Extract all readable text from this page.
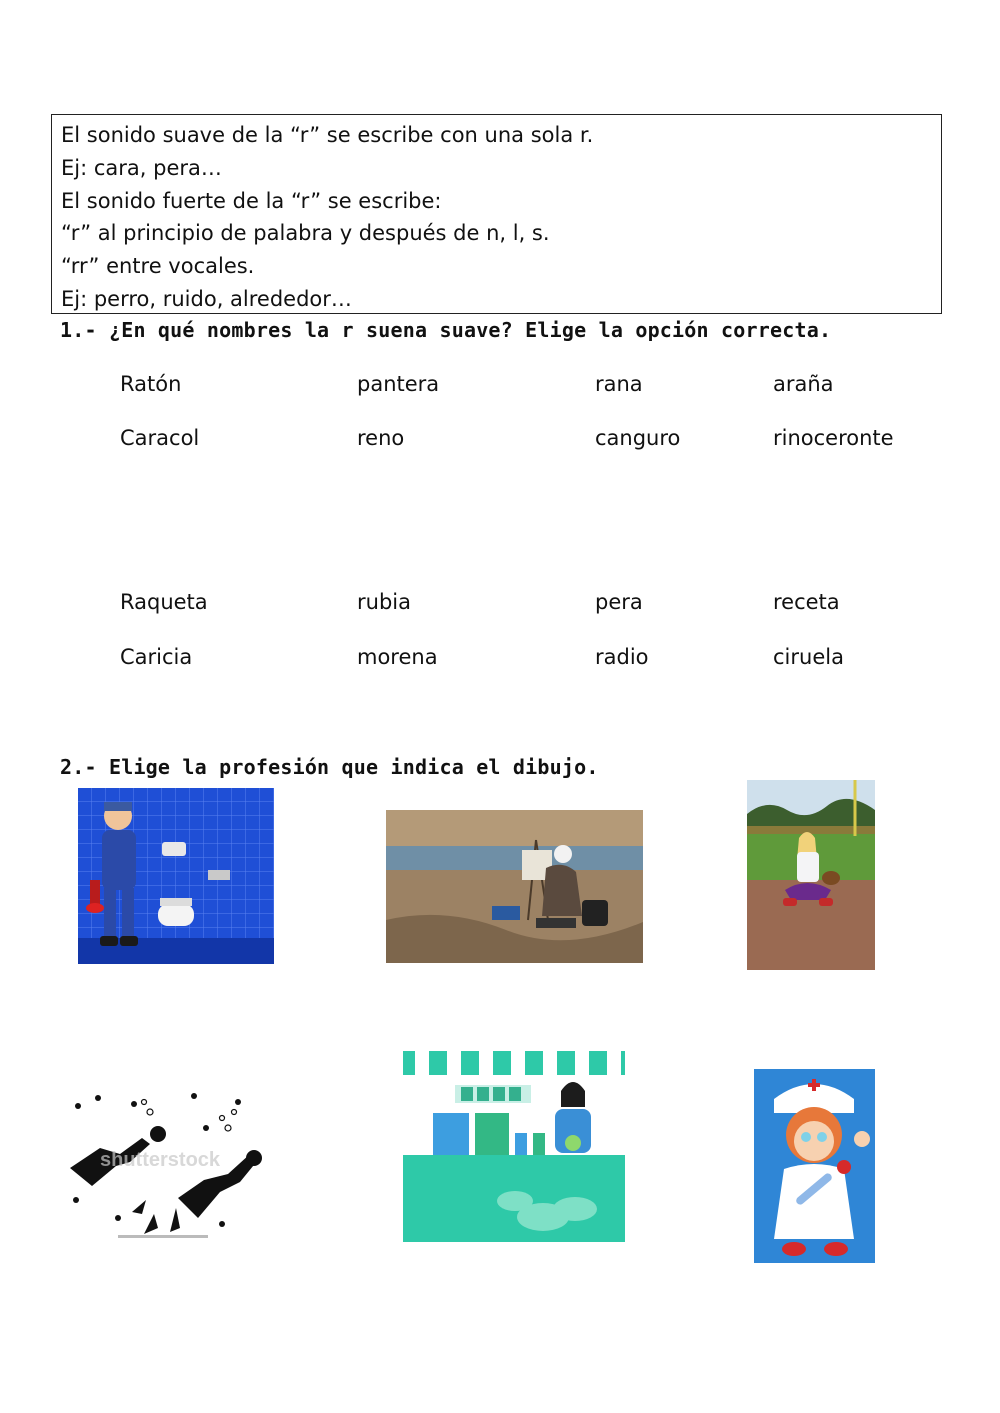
El sonido suave de la “r” se escribe con una sola r.
Ej: cara, pera…
El sonido fuerte de la “r” se escribe:
“r” al principio de palabra y después de n, l, s.
“rr” entre vocales.
Ej: perro, ruido, alrededor…
1.- ¿En qué nombres la r suena suave? Elige la opción correcta.
Ratón	pantera	rana	araña
Caracol	reno	canguro	rinoceronte
Raqueta	rubia	pera	receta
Caricia	morena	radio	ciruela
2.- Elige la profesión que indica el dibujo.
shutterstock
